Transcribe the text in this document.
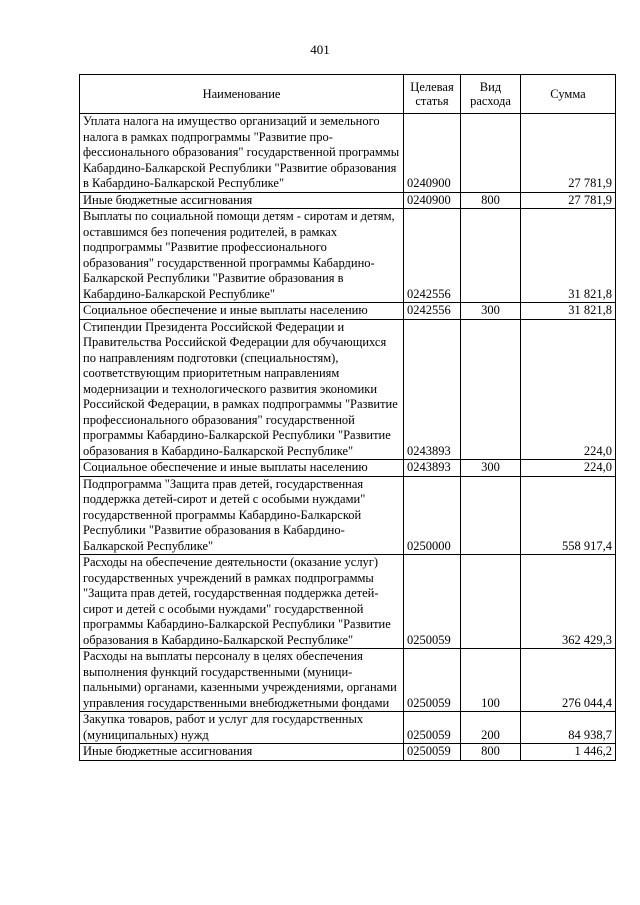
401
Наименование	Целевая статья	Вид расхода	Сумма
Уплата налога на имущество организаций и земельного налога в рамках подпрограммы "Развитие профессионального образования" государственной программы Кабардино-Балкарской Республики "Развитие образования в Кабардино-Балкарской Республике"	0240900		27 781,9
Иные бюджетные ассигнования	0240900	800	27 781,9
Выплаты по социальной помощи детям - сиротам и детям, оставшимся без попечения родителей, в рамках подпрограммы "Развитие профессионального образования" государственной программы Кабардино-Балкарской Республики "Развитие образования в Кабардино-Балкарской Республике"	0242556		31 821,8
Социальное обеспечение и иные выплаты населению	0242556	300	31 821,8
Стипендии Президента Российской Федерации и Правительства Российской Федерации для обучающихся по направлениям подготовки (специальностям), соответствующим приоритетным направлениям модернизации и технологического развития экономики Российской Федерации, в рамках подпрограммы "Развитие профессионального образования" государственной программы Кабардино-Балкарской Республики "Развитие образования в Кабардино-Балкарской Республике"	0243893		224,0
Социальное обеспечение и иные выплаты населению	0243893	300	224,0
Подпрограмма "Защита прав детей, государственная поддержка детей-сирот и детей с особыми нуждами" государственной программы Кабардино-Балкарской Республики "Развитие образования в Кабардино-Балкарской Республике"	0250000		558 917,4
Расходы на обеспечение деятельности (оказание услуг) государственных учреждений в рамках подпрограммы "Защита прав детей, государственная поддержка детей-сирот и детей с особыми нуждами" государственной программы Кабардино-Балкарской Республики "Развитие образования в Кабардино-Балкарской Республике"	0250059		362 429,3
Расходы на выплаты персоналу в целях обеспечения выполнения функций государственными (муниципальными) органами, казенными учреждениями, органами управления государственными внебюджетными фондами	0250059	100	276 044,4
Закупка товаров, работ и услуг для государственных (муниципальных) нужд	0250059	200	84 938,7
Иные бюджетные ассигнования	0250059	800	1 446,2
